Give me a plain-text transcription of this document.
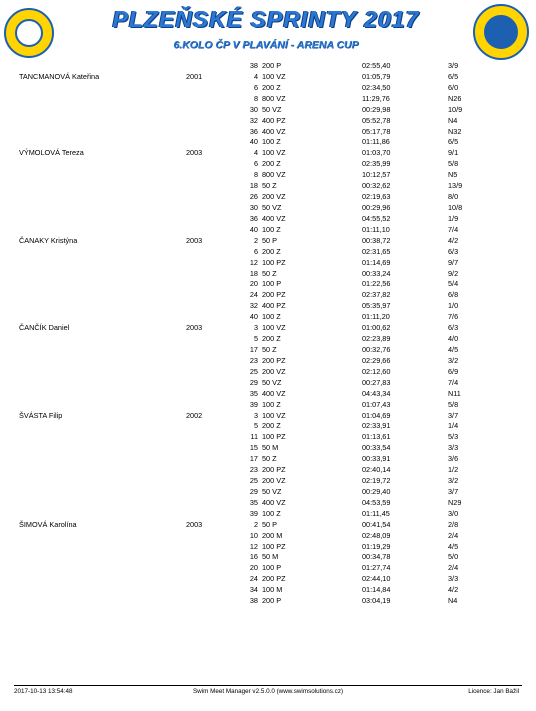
PLZEŇSKÉ SPRINTY 2017
6.KOLO ČP V PLAVÁNÍ - ARENA CUP
38 200 P	02:55,40	3/9
TANCMANOVÁ Kateřina	2001	4 100 VZ	01:05,79	6/5
6 200 Z	02:34,50	6/0
8 800 VZ	11:29,76	N26
30 50 VZ	00:29,98	10/9
32 400 PZ	05:52,78	N4
36 400 VZ	05:17,78	N32
40 100 Z	01:11,86	6/5
VÝMOLOVÁ Tereza	2003	4 100 VZ	01:03,70	9/1
6 200 Z	02:35,99	5/8
8 800 VZ	10:12,57	N5
18 50 Z	00:32,62	13/9
26 200 VZ	02:19,63	8/0
30 50 VZ	00:29,96	10/8
36 400 VZ	04:55,52	1/9
40 100 Z	01:11,10	7/4
ČANAKY Kristýna	2003	2 50 P	00:38,72	4/2
6 200 Z	02:31,65	6/3
12 100 PZ	01:14,69	9/7
18 50 Z	00:33,24	9/2
20 100 P	01:22,56	5/4
24 200 PZ	02:37,82	6/8
32 400 PZ	05:35,97	1/0
40 100 Z	01:11,20	7/6
ČANČÍK Daniel	2003	3 100 VZ	01:00,62	6/3
5 200 Z	02:23,89	4/0
17 50 Z	00:32,76	4/5
23 200 PZ	02:29,66	3/2
25 200 VZ	02:12,60	6/9
29 50 VZ	00:27,83	7/4
35 400 VZ	04:43,34	N11
39 100 Z	01:07,43	5/8
ŠVÁSTA Filip	2002	3 100 VZ	01:04,69	3/7
5 200 Z	02:33,91	1/4
11 100 PZ	01:13,61	5/3
15 50 M	00:33,54	3/3
17 50 Z	00:33,91	3/6
23 200 PZ	02:40,14	1/2
25 200 VZ	02:19,72	3/2
29 50 VZ	00:29,40	3/7
35 400 VZ	04:53,59	N29
39 100 Z	01:11,45	3/0
ŠIMOVÁ Karolína	2003	2 50 P	00:41,54	2/8
10 200 M	02:48,09	2/4
12 100 PZ	01:19,29	4/5
16 50 M	00:34,78	5/0
20 100 P	01:27,74	2/4
24 200 PZ	02:44,10	3/3
34 100 M	01:14,84	4/2
38 200 P	03:04,19	N4
2017-10-13 13:54:48	Swim Meet Manager v2.5.0.0 (www.swimsolutions.cz)	Licence: Jan Bažil
